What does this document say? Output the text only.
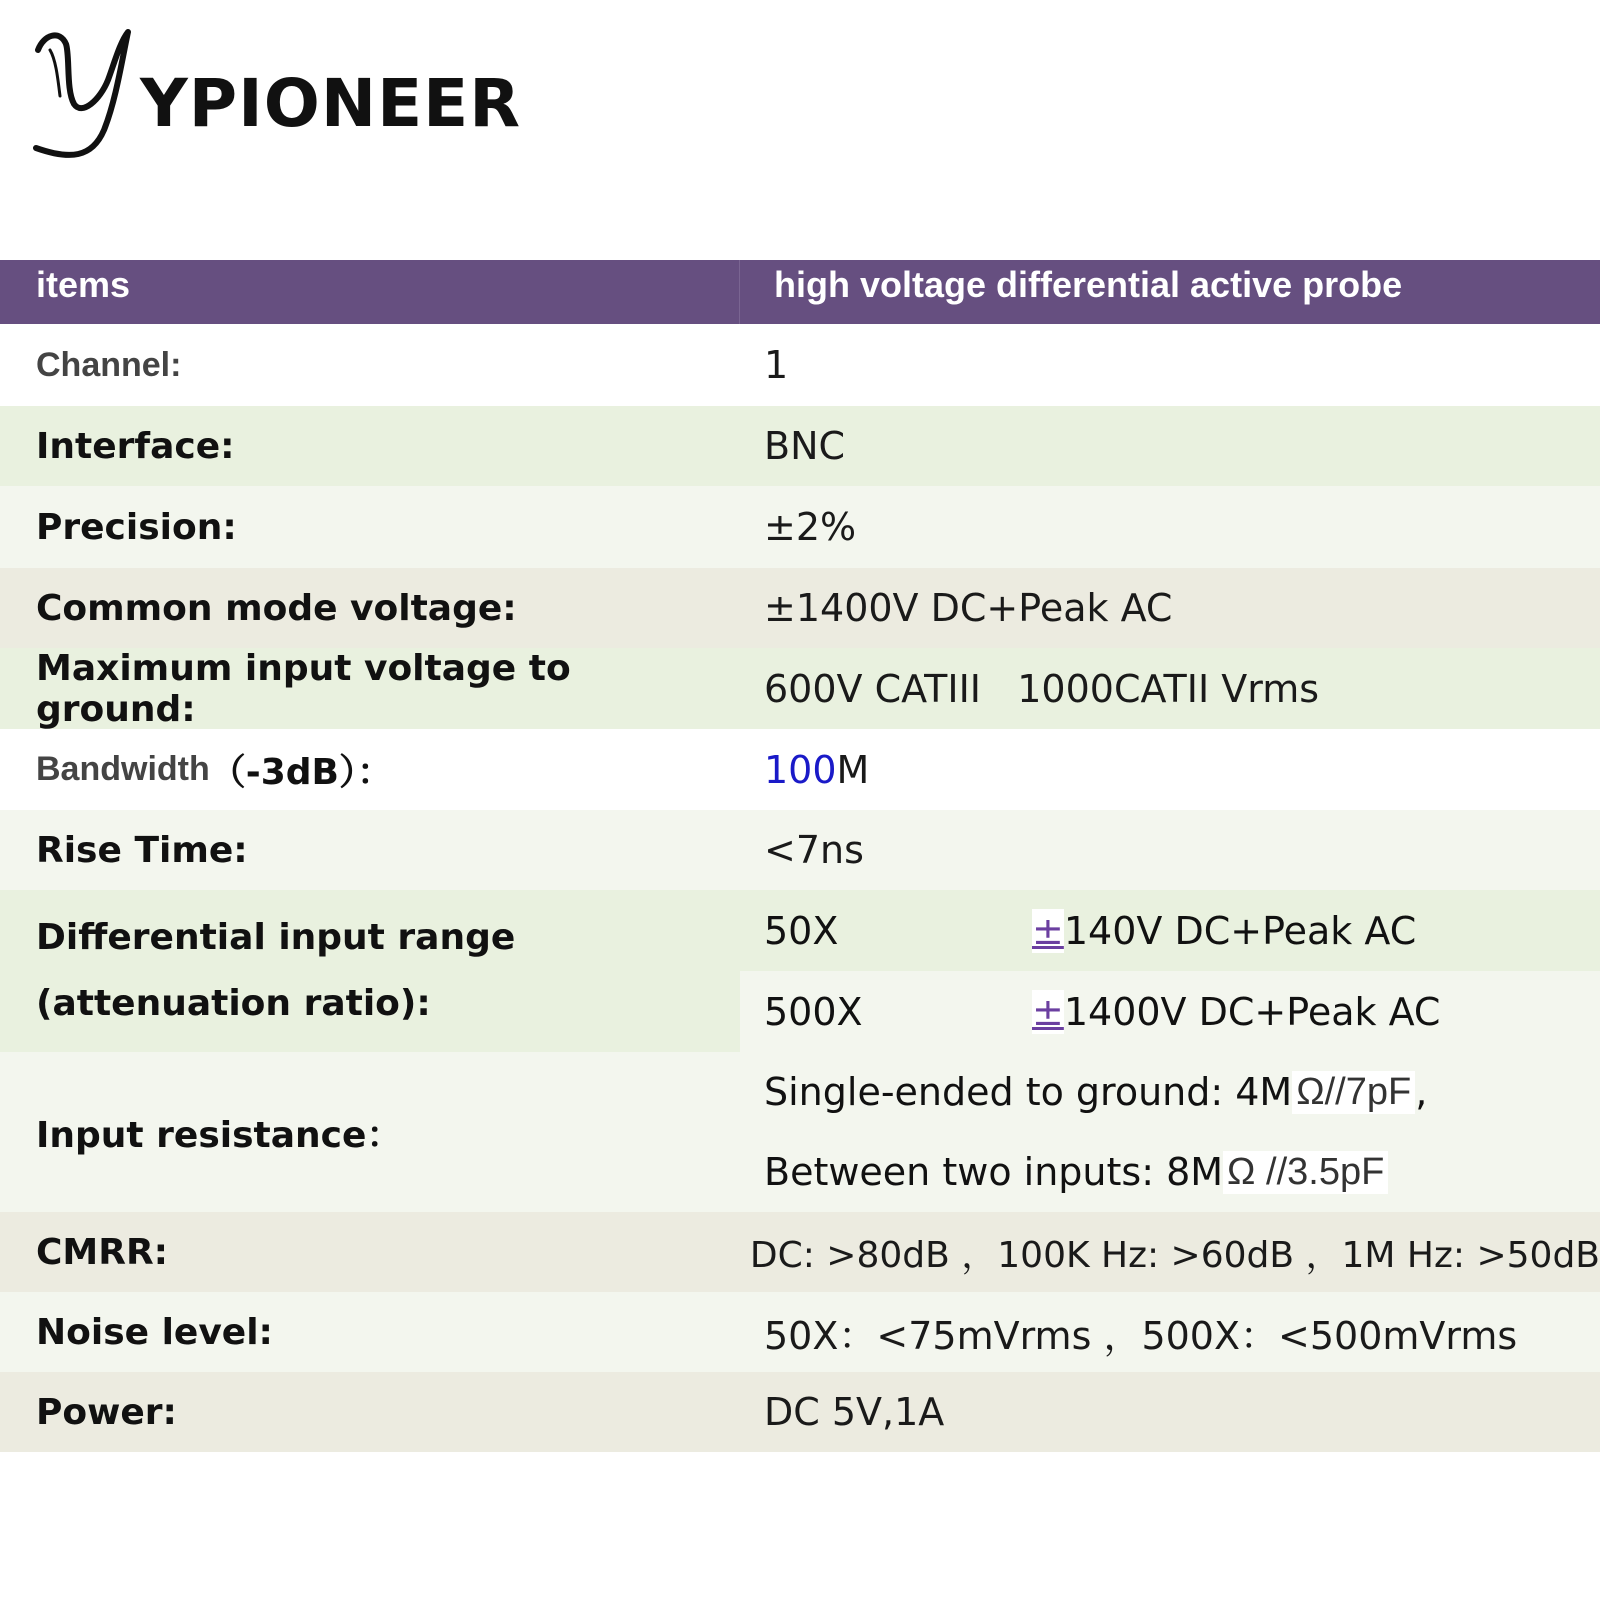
YPIONEER
items	high voltage differential active probe
Channel:	1
Interface:	BNC
Precision:	±2%
Common mode voltage:	±1400V DC+Peak AC
Maximum input voltage to ground:	600V CATIII   1000CATII Vrms
Bandwidth （-3dB）：	100 M
Rise Time:	<7ns
Differential input range
(attenuation ratio):
50X	± 140V DC+Peak AC
500X	± 1400V DC+Peak AC
Input resistance：
Single-ended to ground: 4M Ω//7pF ,
Between two inputs: 8M Ω //3.5pF
CMRR:	DC: >80dB ，100K Hz: >60dB ，1M Hz: >50dB
Noise level:	50X：<75mVrms ，500X：<500mVrms
Power:	DC 5V,1A
